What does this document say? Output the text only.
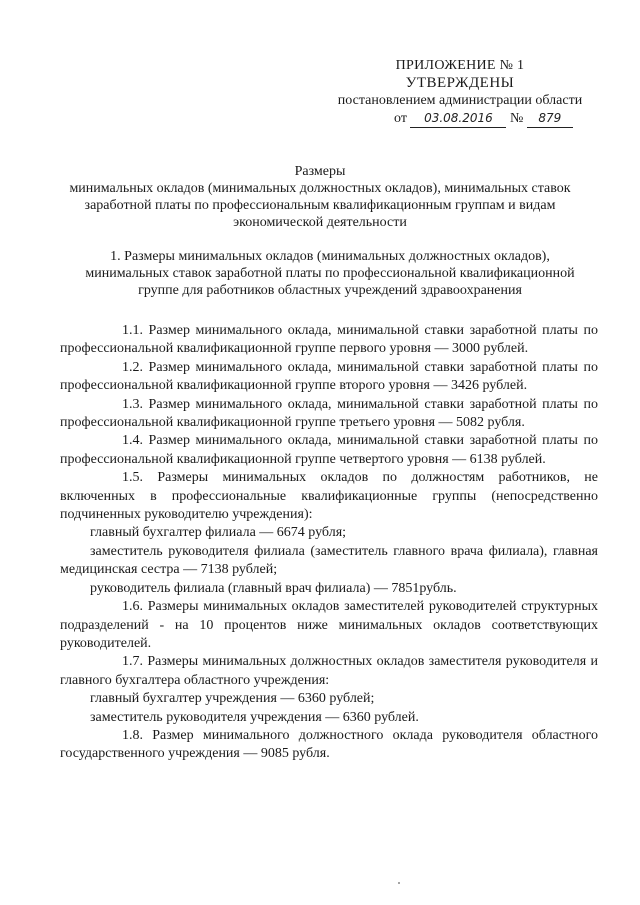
ПРИЛОЖЕНИЕ № 1
УТВЕРЖДЕНЫ
постановлением администрации области
от 03.08.2016 № 879
Размеры
минимальных окладов (минимальных должностных окладов), минимальных ставок заработной платы по профессиональным квалификационным группам и видам экономической деятельности
1. Размеры минимальных окладов (минимальных должностных окладов), минимальных ставок заработной платы по профессиональной квалификационной группе для работников областных учреждений здравоохранения

1.1. Размер минимального оклада, минимальной ставки заработной платы по профессиональной квалификационной группе первого уровня — 3000 рублей.

1.2. Размер минимального оклада, минимальной ставки заработной платы по профессиональной квалификационной группе второго уровня — 3426 рублей.

1.3. Размер минимального оклада, минимальной ставки заработной платы по профессиональной квалификационной группе третьего уровня — 5082 рубля.

1.4. Размер минимального оклада, минимальной ставки заработной платы по профессиональной квалификационной группе четвертого уровня — 6138 рублей.

1.5. Размеры минимальных окладов по должностям работников, не включенных в профессиональные квалификационные группы (непосредственно подчиненных руководителю учреждения):

главный бухгалтер филиала — 6674 рубля;

заместитель руководителя филиала (заместитель главного врача филиала), главная медицинская сестра — 7138 рублей;

руководитель филиала (главный врач филиала) — 7851рубль.

1.6. Размеры минимальных окладов заместителей руководителей структурных подразделений - на 10 процентов ниже минимальных окладов соответствующих руководителей.

1.7. Размеры минимальных должностных окладов заместителя руководителя и главного бухгалтера областного учреждения:

главный бухгалтер учреждения — 6360 рублей;

заместитель руководителя учреждения — 6360 рублей.

1.8. Размер минимального должностного оклада руководителя областного государственного учреждения — 9085 рубля.
